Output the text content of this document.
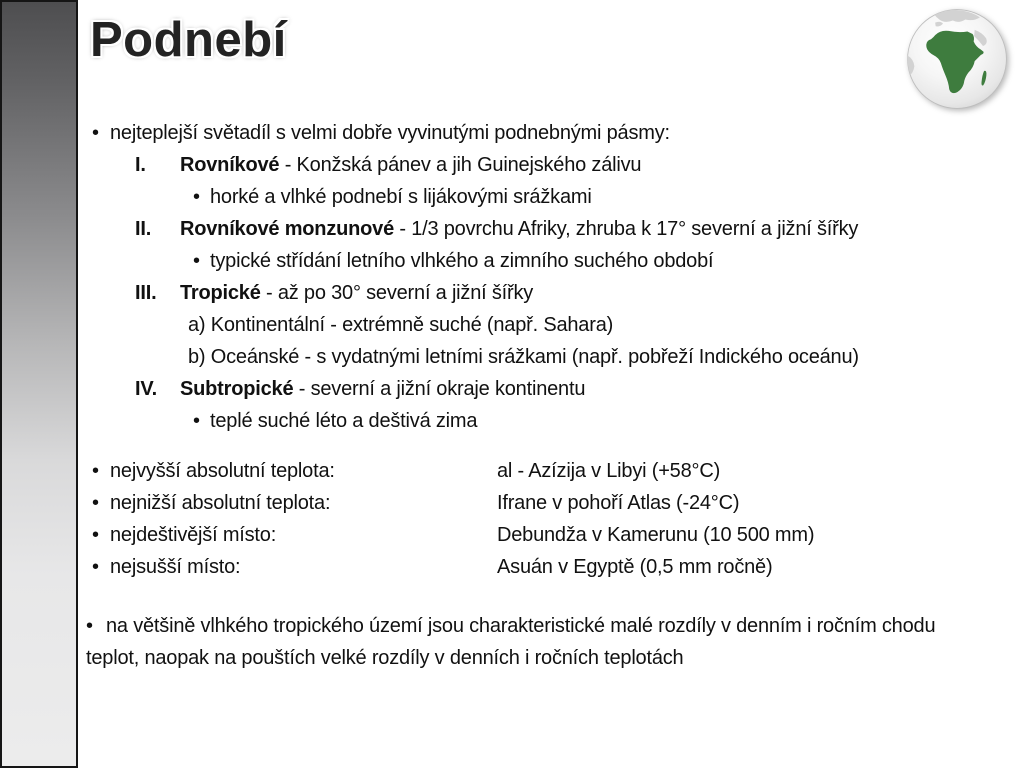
Podnebí
• nejteplejší světadíl s velmi dobře vyvinutými podnebnými pásmy:
I. Rovníkové - Konžská pánev a jih Guinejského zálivu
• horké a vlhké podnebí s lijákovými srážkami
II. Rovníkové monzunové - 1/3 povrchu Afriky, zhruba k 17° severní a jižní šířky
• typické střídání letního vlhkého a zimního suchého období
III. Tropické - až po 30° severní a jižní šířky
a) Kontinentální - extrémně suché (např. Sahara)
b) Oceánské - s vydatnými letními srážkami (např. pobřeží Indického oceánu)
IV. Subtropické - severní a jižní okraje kontinentu
• teplé suché léto a deštivá zima
• nejvyšší absolutní teplota:	al - Azízija v Libyi (+58°C)
• nejnižší absolutní teplota:	Ifrane v pohoří Atlas (-24°C)
• nejdeštivější místo:	Debundža v Kamerunu (10 500 mm)
• nejsušší místo:	Asuán v Egyptě (0,5 mm ročně)
• na většině vlhkého tropického území jsou charakteristické malé rozdíly v denním i ročním chodu teplot, naopak na pouštích velké rozdíly v denních i ročních teplotách
